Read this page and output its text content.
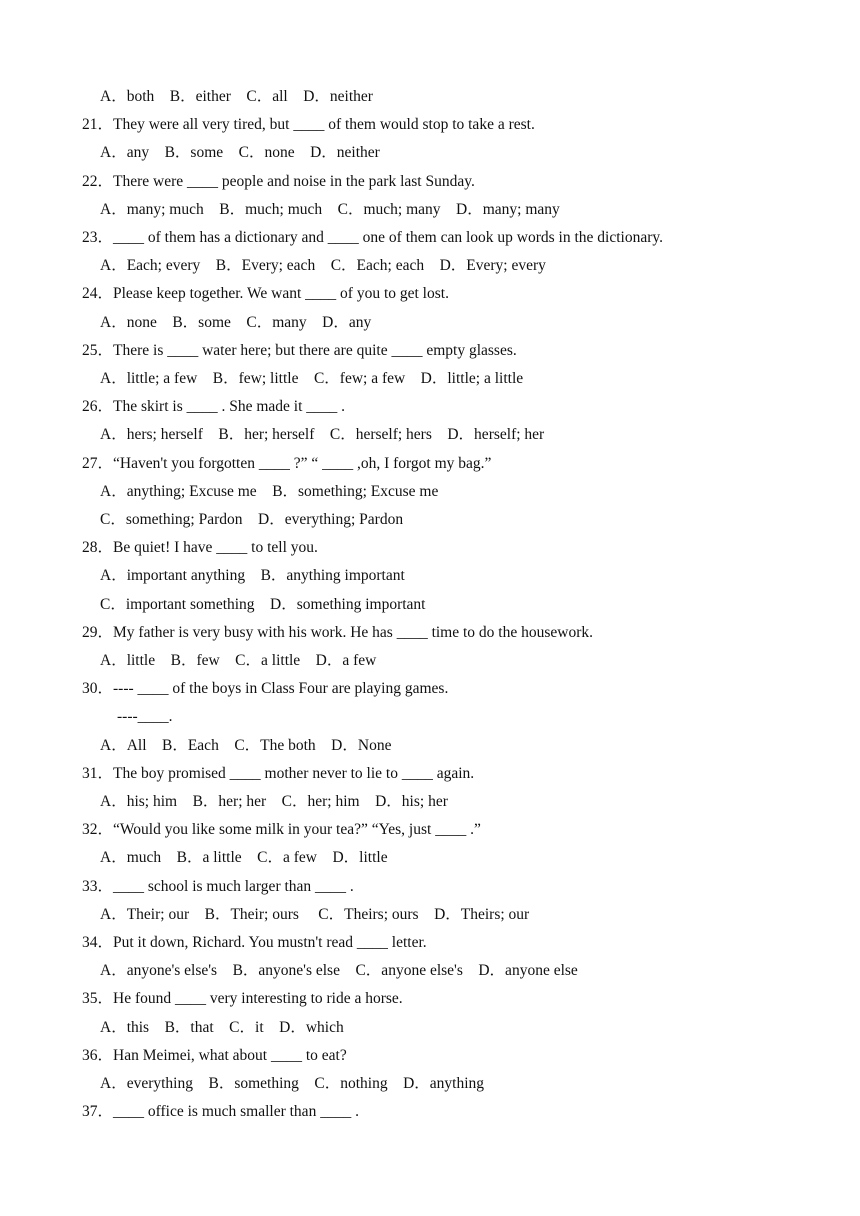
A．both    B．either    C．all    D．neither
21．They were all very tired, but ____ of them would stop to take a rest.
A．any    B．some    C．none    D．neither
22．There were ____ people and noise in the park last Sunday.
A．many; much    B．much; much    C．much; many    D．many; many
23．____ of them has a dictionary and ____ one of them can look up words in the dictionary.
A．Each; every    B．Every; each    C．Each; each    D．Every; every
24．Please keep together. We want ____ of you to get lost.
A．none    B．some    C．many    D．any
25．There is ____ water here; but there are quite ____ empty glasses.
A．little; a few    B．few; little    C．few; a few    D．little; a little
26．The skirt is ____ . She made it ____ .
A．hers; herself    B．her; herself    C．herself; hers    D．herself; her
27．“Haven't you forgotten ____ ?” “ ____ ,oh, I forgot my bag.”
A．anything; Excuse me    B．something; Excuse me
C．something; Pardon    D．everything; Pardon
28．Be quiet! I have ____ to tell you.
A．important anything    B．anything important
C．important something    D．something important
29．My father is very busy with his work. He has ____ time to do the housework.
A．little    B．few    C．a little    D．a few
30．---- ____ of the boys in Class Four are playing games.
----____.
A．All    B．Each    C．The both    D．None
31．The boy promised ____ mother never to lie to ____ again.
A．his; him    B．her; her    C．her; him    D．his; her
32．“Would you like some milk in your tea?” “Yes, just ____ .”
A．much    B．a little    C．a few    D．little
33．____ school is much larger than ____ .
A．Their; our    B．Their; ours     C．Theirs; ours    D．Theirs; our
34．Put it down, Richard. You mustn't read ____ letter.
A．anyone's else's    B．anyone's else    C．anyone else's    D．anyone else
35．He found ____ very interesting to ride a horse.
A．this    B．that    C．it    D．which
36．Han Meimei, what about ____ to eat?
A．everything    B．something    C．nothing    D．anything
37．____ office is much smaller than ____ .
